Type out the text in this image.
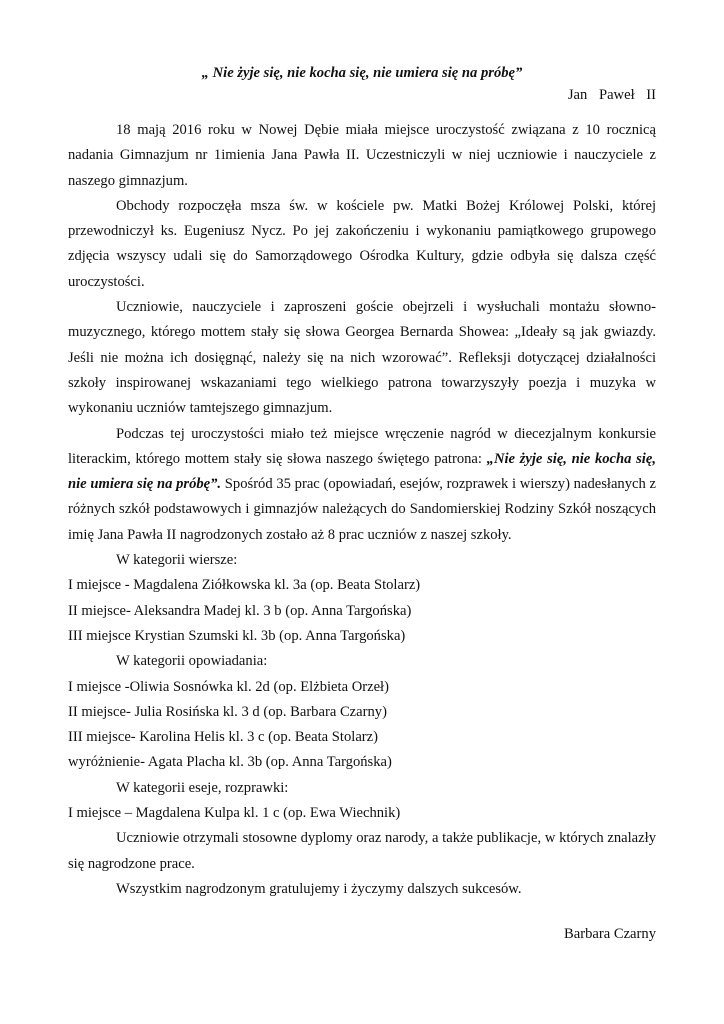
„ Nie żyje się, nie kocha się, nie umiera się na próbę”

Jan Paweł II

18 mają 2016 roku w Nowej Dębie miała miejsce uroczystość związana z 10 rocznicą nadania Gimnazjum nr 1imienia Jana Pawła II. Uczestniczyli w niej uczniowie i nauczyciele z naszego gimnazjum.

Obchody rozpoczęła msza św. w kościele pw. Matki Bożej Królowej Polski, której przewodniczył ks. Eugeniusz Nycz. Po jej zakończeniu i wykonaniu pamiątkowego grupowego zdjęcia wszyscy udali się do Samorządowego Ośrodka Kultury, gdzie odbyła się dalsza część uroczystości.

Uczniowie, nauczyciele i zaproszeni goście obejrzeli i wysłuchali montażu słowno-muzycznego, którego mottem stały się słowa Georgea Bernarda Showea: „Ideały są jak gwiazdy. Jeśli nie można ich dosięgnąć, należy się na nich wzorować”. Refleksji dotyczącej działalności szkoły inspirowanej wskazaniami tego wielkiego patrona towarzyszyły poezja i muzyka w wykonaniu uczniów tamtejszego gimnazjum.

Podczas tej uroczystości miało też miejsce wręczenie nagród w diecezjalnym konkursie literackim, którego mottem stały się słowa naszego świętego patrona: „Nie żyje się, nie kocha się, nie umiera się na próbę”. Spośród 35 prac (opowiadań, esejów, rozprawek i wierszy) nadesłanych z różnych szkół podstawowych i gimnazjów należących do Sandomierskiej Rodziny Szkół noszących imię Jana Pawła II nagrodzonych zostało aż 8 prac uczniów z naszej szkoły.

W kategorii wiersze:

I miejsce - Magdalena Ziółkowska kl. 3a (op. Beata Stolarz)

II miejsce- Aleksandra Madej kl. 3 b (op. Anna Targońska)

III miejsce Krystian Szumski kl. 3b (op. Anna Targońska)

W kategorii opowiadania:

I miejsce -Oliwia Sosnówka kl. 2d (op. Elżbieta Orzeł)

II miejsce- Julia Rosińska kl. 3 d (op. Barbara Czarny)

III miejsce- Karolina Helis kl. 3 c (op. Beata Stolarz)

wyróżnienie- Agata Placha kl. 3b (op. Anna Targońska)

W kategorii eseje, rozprawki:

I miejsce – Magdalena Kulpa kl. 1 c (op. Ewa Wiechnik)

Uczniowie otrzymali stosowne dyplomy oraz narody, a także publikacje, w których znalazły się nagrodzone prace.

Wszystkim nagrodzonym gratulujemy i życzymy dalszych sukcesów.

Barbara Czarny
